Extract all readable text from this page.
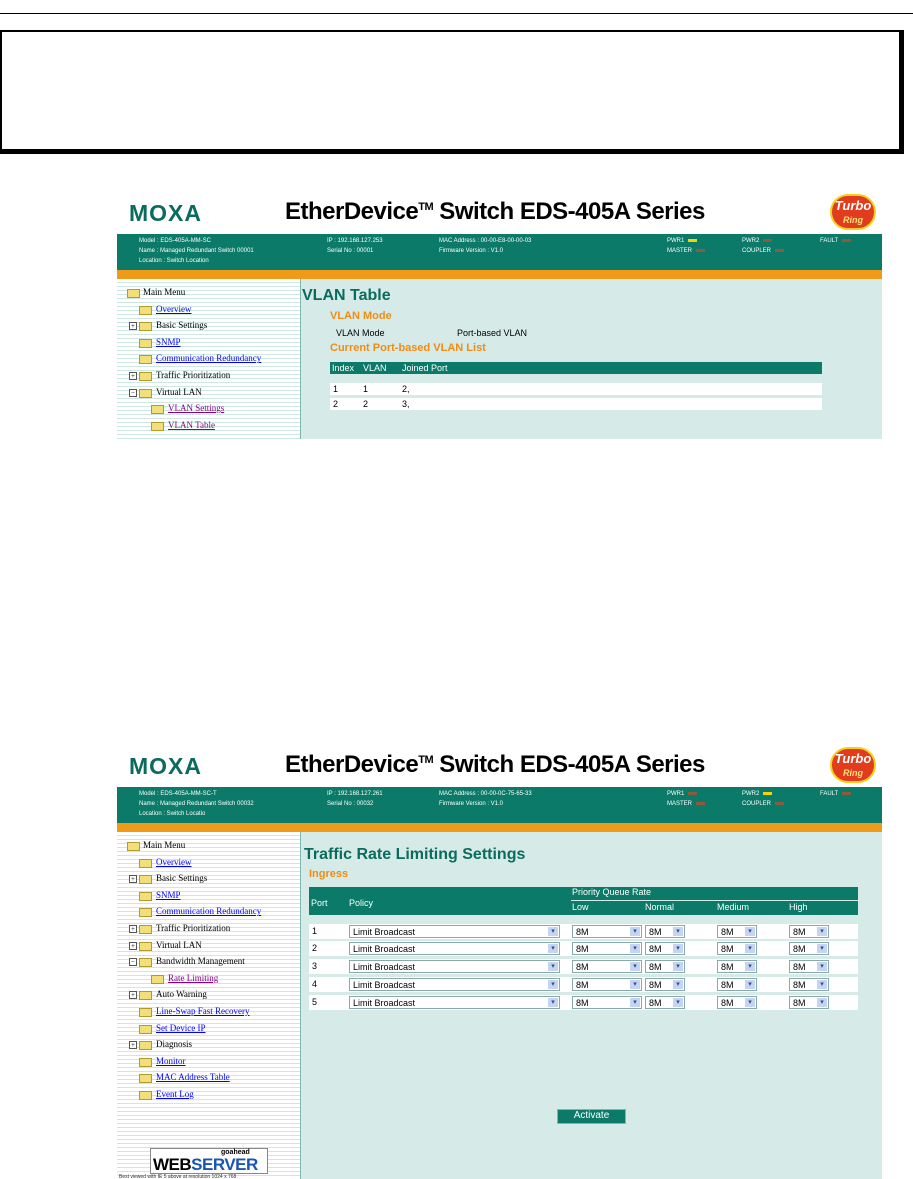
MOXA	EtherDevice™ Switch EDS-405A Series	Turbo
Ring
Model : EDS-405A-MM-SC
Name : Managed Redundant Switch 00001
Location : Switch Location
IP : 192.168.127.253
Serial No : 00001
MAC Address : 00-00-E8-00-00-03
Firmware Version : V1.0
PWR1
MASTER
PWR2
COUPLER
FAULT
Main Menu
Overview
+ Basic Settings
SNMP
Communication Redundancy
+ Traffic Prioritization
− Virtual LAN
VLAN Settings
VLAN Table
VLAN Table
VLAN Mode
VLAN Mode	Port-based VLAN
Current Port-based VLAN List
Index VLAN Joined Port
1	1	2,
2	2	3,
MOXA	EtherDevice™ Switch EDS-405A Series	Turbo
Ring
Model : EDS-405A-MM-SC-T
Name : Managed Redundant Switch 00032
Location : Switch Locatio
IP : 192.168.127.261
Serial No : 00032
MAC Address : 00-00-0C-75-65-33
Firmware Version : V1.0
PWR1
MASTER
PWR2
COUPLER
FAULT
Main Menu
Overview
+ Basic Settings
SNMP
Communication Redundancy
+ Traffic Prioritization
+ Virtual LAN
− Bandwidth Management
Rate Limiting
+ Auto Warning
Line-Swap Fast Recovery
Set Device IP
+ Diagnosis
Monitor
MAC Address Table
Event Log
goahead
WEBSERVER
Best viewed with IE 5 above at resolution 1024 x 768
Traffic Rate Limiting Settings
Ingress
Port Policy
Priority Queue Rate
Low	Normal	Medium	High
1	Limit Broadcast	▾	8M	▾	8M	▾	8M	▾	8M	▾
2	Limit Broadcast	▾	8M	▾	8M	▾	8M	▾	8M	▾
3	Limit Broadcast	▾	8M	▾	8M	▾	8M	▾	8M	▾
4	Limit Broadcast	▾	8M	▾	8M	▾	8M	▾	8M	▾
5	Limit Broadcast	▾	8M	▾	8M	▾	8M	▾	8M	▾
Activate
